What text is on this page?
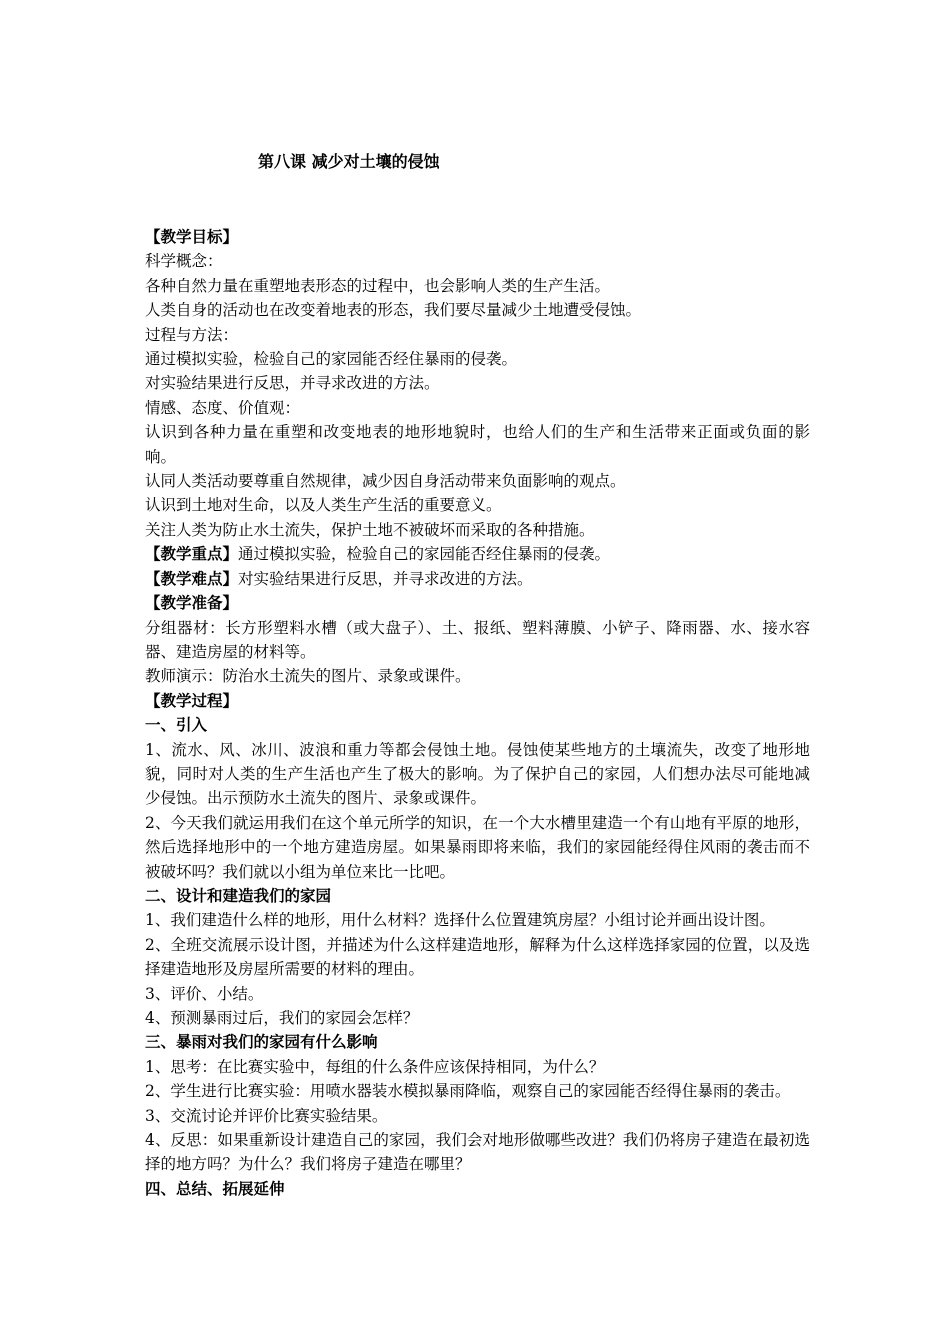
第八课 减少对土壤的侵蚀

【教学目标】

科学概念：

各种自然力量在重塑地表形态的过程中，也会影响人类的生产生活。

人类自身的活动也在改变着地表的形态，我们要尽量减少土地遭受侵蚀。

过程与方法：

通过模拟实验，检验自己的家园能否经住暴雨的侵袭。

对实验结果进行反思，并寻求改进的方法。

情感、态度、价值观：

认识到各种力量在重塑和改变地表的地形地貌时，也给人们的生产和生活带来正面或负面的影响。

认同人类活动要尊重自然规律，减少因自身活动带来负面影响的观点。

认识到土地对生命，以及人类生产生活的重要意义。

关注人类为防止水土流失，保护土地不被破坏而采取的各种措施。

【教学重点】通过模拟实验，检验自己的家园能否经住暴雨的侵袭。

【教学难点】对实验结果进行反思，并寻求改进的方法。

【教学准备】

分组器材：长方形塑料水槽（或大盘子）、土、报纸、塑料薄膜、小铲子、降雨器、水、接水容器、建造房屋的材料等。

教师演示：防治水土流失的图片、录象或课件。

【教学过程】

一、引入

1、流水、风、冰川、波浪和重力等都会侵蚀土地。侵蚀使某些地方的土壤流失，改变了地形地貌，同时对人类的生产生活也产生了极大的影响。为了保护自己的家园，人们想办法尽可能地减少侵蚀。出示预防水土流失的图片、录象或课件。

2、今天我们就运用我们在这个单元所学的知识，在一个大水槽里建造一个有山地有平原的地形，然后选择地形中的一个地方建造房屋。如果暴雨即将来临，我们的家园能经得住风雨的袭击而不被破坏吗？我们就以小组为单位来比一比吧。

二、设计和建造我们的家园

1、我们建造什么样的地形，用什么材料？选择什么位置建筑房屋？小组讨论并画出设计图。

2、全班交流展示设计图，并描述为什么这样建造地形，解释为什么这样选择家园的位置，以及选择建造地形及房屋所需要的材料的理由。

3、评价、小结。

4、预测暴雨过后，我们的家园会怎样？

三、暴雨对我们的家园有什么影响

1、思考：在比赛实验中，每组的什么条件应该保持相同，为什么？

2、学生进行比赛实验：用喷水器装水模拟暴雨降临，观察自己的家园能否经得住暴雨的袭击。

3、交流讨论并评价比赛实验结果。

4、反思：如果重新设计建造自己的家园，我们会对地形做哪些改进？我们仍将房子建造在最初选择的地方吗？为什么？我们将房子建造在哪里？

四、总结、拓展延伸
